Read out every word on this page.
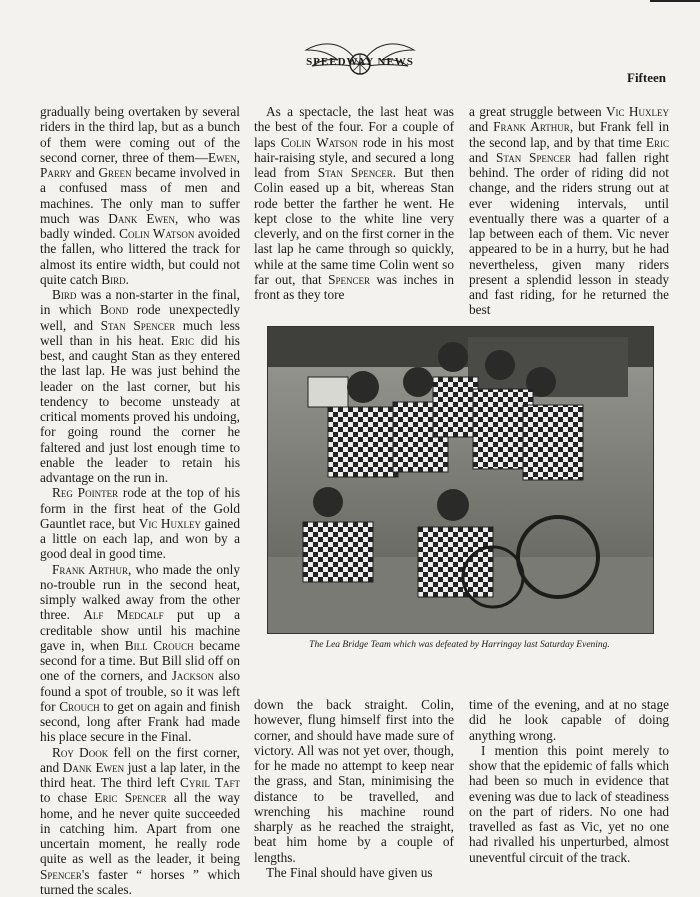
SPEEDWAY NEWS
Fifteen

gradually being overtaken by several riders in the third lap, but as a bunch of them were coming out of the second corner, three of them—Ewen, Parry and Green became involved in a confused mass of men and machines. The only man to suffer much was Dank Ewen, who was badly winded. Colin Watson avoided the fallen, who littered the track for almost its entire width, but could not quite catch Bird.

Bird was a non-starter in the final, in which Bond rode unexpectedly well, and Stan Spencer much less well than in his heat. Eric did his best, and caught Stan as they entered the last lap. He was just behind the leader on the last corner, but his tendency to become unsteady at critical moments proved his undoing, for going round the corner he faltered and just lost enough time to enable the leader to retain his advantage on the run in.

Reg Pointer rode at the top of his form in the first heat of the Gold Gauntlet race, but Vic Huxley gained a little on each lap, and won by a good deal in good time.

Frank Arthur, who made the only no-trouble run in the second heat, simply walked away from the other three. Alf Medcalf put up a creditable show until his machine gave in, when Bill Crouch became second for a time. But Bill slid off on one of the corners, and Jackson also found a spot of trouble, so it was left for Crouch to get on again and finish second, long after Frank had made his place secure in the Final.

Roy Dook fell on the first corner, and Dank Ewen just a lap later, in the third heat. The third left Cyril Taft to chase Eric Spencer all the way home, and he never quite succeeded in catching him. Apart from one uncertain moment, he really rode quite as well as the leader, it being Spencer's faster “ horses ” which turned the scales.

As a spectacle, the last heat was the best of the four. For a couple of laps Colin Watson rode in his most hair-raising style, and secured a long lead from Stan Spencer. But then Colin eased up a bit, whereas Stan rode better the farther he went. He kept close to the white line very cleverly, and on the first corner in the last lap he came through so quickly, while at the same time Colin went so far out, that Spencer was inches in front as they tore

a great struggle between Vic Huxley and Frank Arthur, but Frank fell in the second lap, and by that time Eric and Stan Spencer had fallen right behind. The order of riding did not change, and the riders strung out at ever widening intervals, until eventually there was a quarter of a lap between each of them. Vic never appeared to be in a hurry, but he had nevertheless, given many riders present a splendid lesson in steady and fast riding, for he returned the best

The Lea Bridge Team which was defeated by Harringay last Saturday Evening.

down the back straight. Colin, however, flung himself first into the corner, and should have made sure of victory. All was not yet over, though, for he made no attempt to keep near the grass, and Stan, minimising the distance to be travelled, and wrenching his machine round sharply as he reached the straight, beat him home by a couple of lengths.

The Final should have given us

time of the evening, and at no stage did he look capable of doing anything wrong.

I mention this point merely to show that the epidemic of falls which had been so much in evidence that evening was due to lack of steadiness on the part of riders. No one had travelled as fast as Vic, yet no one had rivalled his unperturbed, almost uneventful circuit of the track.
